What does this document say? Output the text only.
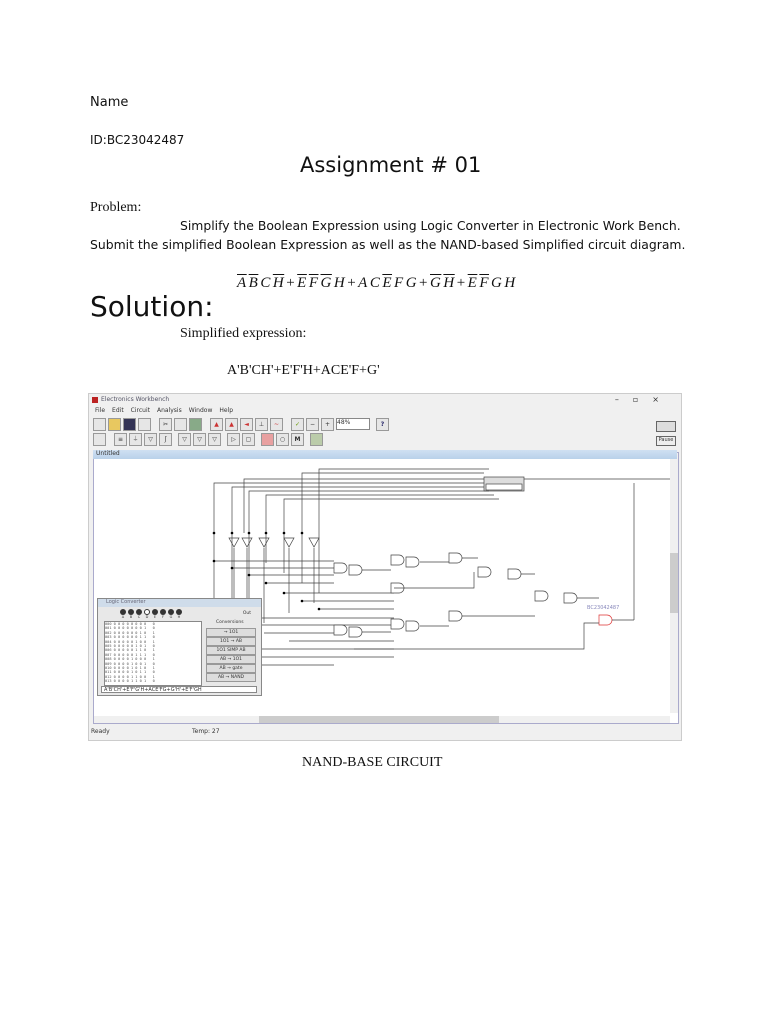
Name
ID:BC23042487
Assignment # 01
Problem:
Simplify the Boolean Expression using Logic Converter in Electronic Work Bench.
Submit the simplified Boolean Expression as well as the NAND-based Simplified circuit diagram.
$\overline{A}$ $\overline{B}$ C $\overline{H} + \overline{E}$ $\overline{F}$ $\overline{G}$ H + A C $\overline{E}$ F $G + \overline{G}$ $\overline{H} + \overline{E}$ $\overline{F}$ G H
Solution:
Simplified expression:
A'B'CH'+E'F'H+ACE'F+G'
Electronics Workbench	–▫×
File Edit Circuit Analysis Window Help
✂	▲	▲	◄	⊥	~	✓	−	+	48%	?
≡	⏚	▽	ʃ	▽	▽	▽	▷	▢	○	M	Pause
BC23042487
Logic Converter
A	B	C	D	E	F	G	H
Out
000 0 0 0 0 0 0 0 0   0
001 0 0 0 0 0 0 0 1   0
002 0 0 0 0 0 0 1 0   1
003 0 0 0 0 0 0 1 1   0
004 0 0 0 0 0 1 0 0   1
005 0 0 0 0 0 1 0 1   0
006 0 0 0 0 0 1 1 0   1
007 0 0 0 0 0 1 1 1   0
008 0 0 0 0 1 0 0 0   1
009 0 0 0 0 1 0 0 1   0
010 0 0 0 0 1 0 1 0   1
011 0 0 0 0 1 0 1 1   0
012 0 0 0 0 1 1 0 0   1
013 0 0 0 0 1 1 0 1   0
Conversions
→ 1O1
1O1 → AB
1O1 SIMP AB
AB → 1O1
AB → gate
AB → NAND
A'B'CH'+E'F'G'H+ACE'FG+G'H'+E'F'GH
Untitled
Ready	Temp: 27
NAND-BASE CIRCUIT
